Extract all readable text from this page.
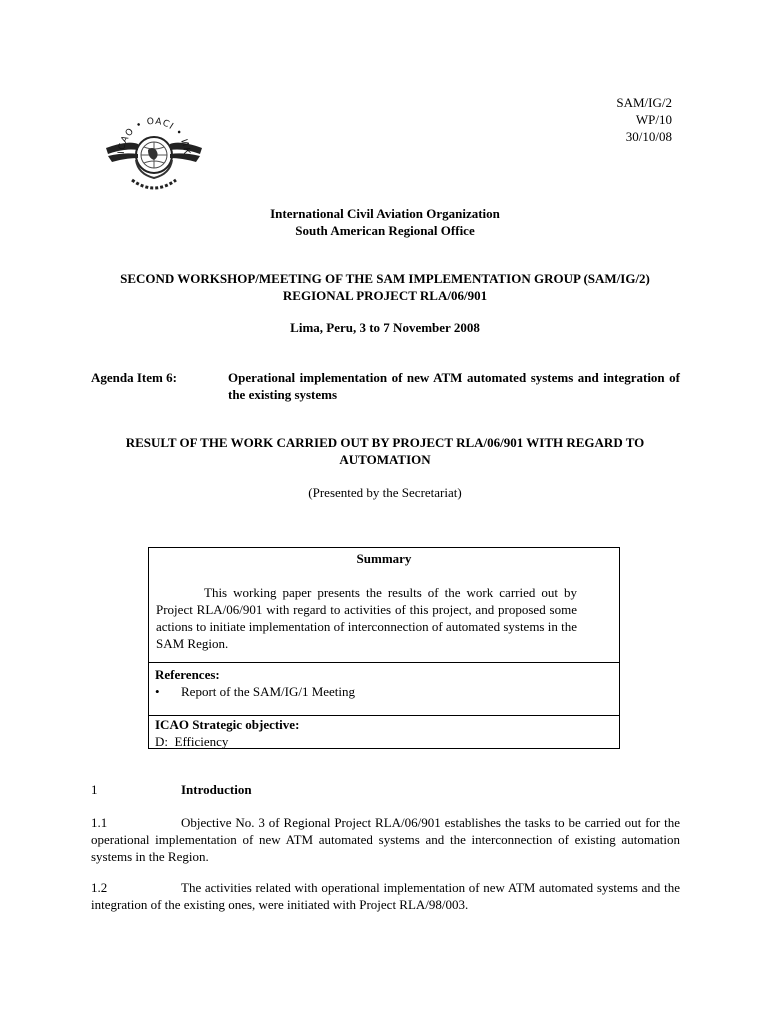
SAM/IG/2
WP/10
30/10/08
ICAO • OACI • ИК
International Civil Aviation Organization
South American Regional Office
SECOND WORKSHOP/MEETING OF THE SAM IMPLEMENTATION GROUP (SAM/IG/2)
REGIONAL PROJECT RLA/06/901
Lima, Peru, 3 to 7 November 2008
Agenda Item 6:	Operational implementation of new ATM automated systems and integration of the existing systems
RESULT OF THE WORK CARRIED OUT BY PROJECT RLA/06/901 WITH REGARD TO
AUTOMATION
(Presented by the Secretariat)
Summary
This working paper presents the results of the work carried out by Project RLA/06/901 with regard to activities of this project, and proposed some actions to initiate implementation of interconnection of automated systems in the SAM Region.
References:
• Report of the SAM/IG/1 Meeting
ICAO Strategic objective:
D:  Efficiency
1	Introduction
1.1	Objective No. 3 of Regional Project RLA/06/901 establishes the tasks to be carried out for the operational implementation of new ATM automated systems and the interconnection of existing automation systems in the Region.
1.2	The activities related with operational implementation of new ATM automated systems and the integration of the existing ones, were initiated with Project RLA/98/003.
